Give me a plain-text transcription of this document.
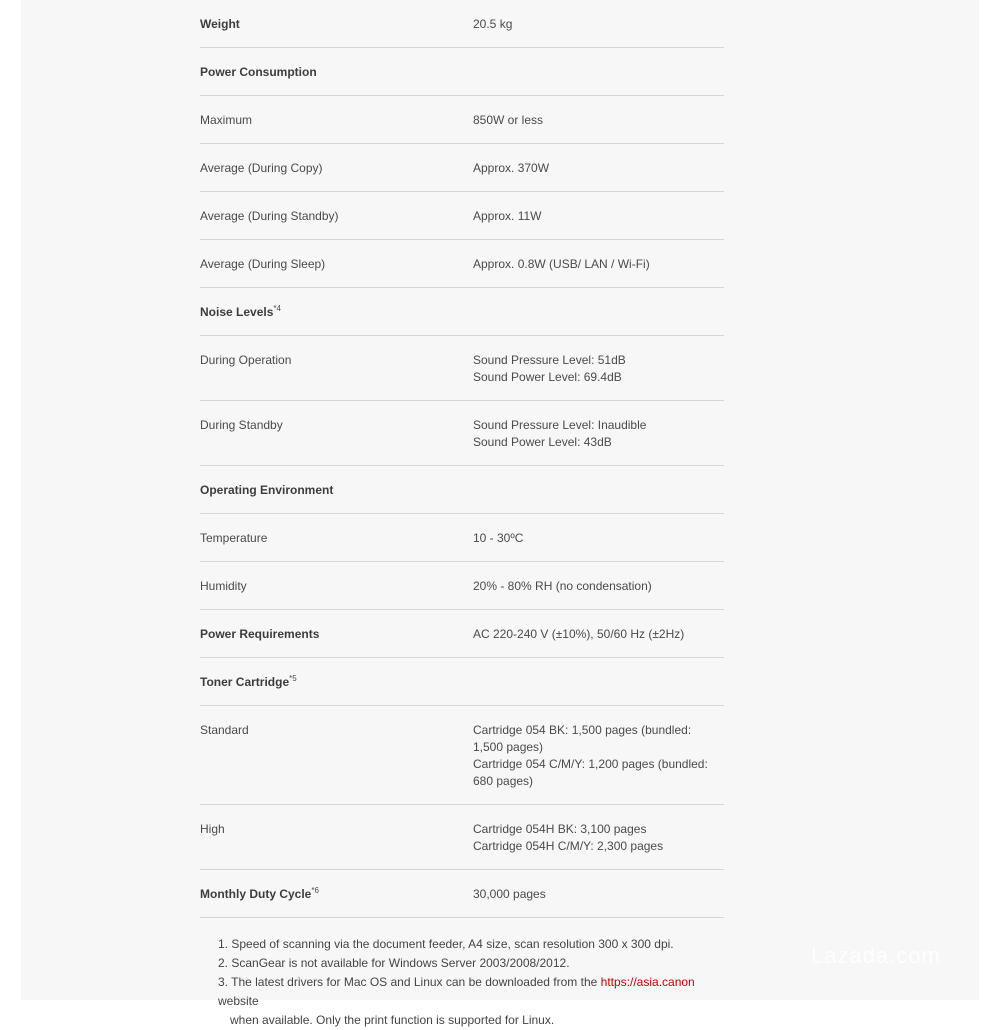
Weight	20.5 kg
Power Consumption
Maximum	850W or less
Average (During Copy)	Approx. 370W
Average (During Standby)	Approx. 11W
Average (During Sleep)	Approx. 0.8W (USB/ LAN / Wi-Fi)
Noise Levels$^{*4}$
During Operation	Sound Pressure Level: 51dB
Sound Power Level: 69.4dB
During Standby	Sound Pressure Level: Inaudible
Sound Power Level: 43dB
Operating Environment
Temperature	10 - 30ºC
Humidity	20% - 80% RH (no condensation)
Power Requirements	AC 220-240 V (±10%), 50/60 Hz (±2Hz)
Toner Cartridge$^{*5}$
Standard	Cartridge 054 BK: 1,500 pages (bundled: 1,500 pages)
Cartridge 054 C/M/Y: 1,200 pages (bundled: 680 pages)
High	Cartridge 054H BK: 3,100 pages
Cartridge 054H C/M/Y: 2,300 pages
Monthly Duty Cycle$^{*6}$	30,000 pages
1. Speed of scanning via the document feeder, A4 size, scan resolution 300 x 300 dpi.
2. ScanGear is not available for Windows Server 2003/2008/2012.
3. The latest drivers for Mac OS and Linux can be downloaded from the https://asia.canon website
when available. Only the print function is supported for Linux.
Lazada.com
